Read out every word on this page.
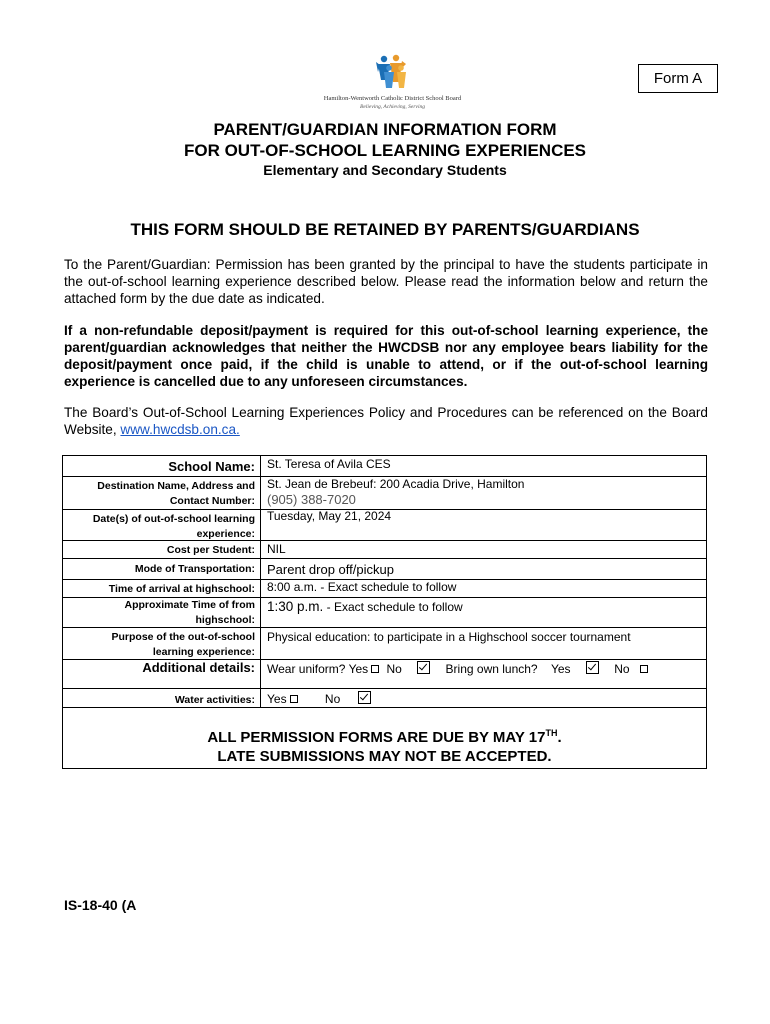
Hamilton-Wentworth Catholic District School Board
Believing, Achieving, Serving
Form A
PARENT/GUARDIAN INFORMATION FORM
FOR OUT-OF-SCHOOL LEARNING EXPERIENCES
Elementary and Secondary Students
THIS FORM SHOULD BE RETAINED BY PARENTS/GUARDIANS
To the Parent/Guardian: Permission has been granted by the principal to have the students participate in the out-of-school learning experience described below. Please read the information below and return the attached form by the due date as indicated.
If a non-refundable deposit/payment is required for this out-of-school learning experience, the parent/guardian acknowledges that neither the HWCDSB nor any employee bears liability for the deposit/payment once paid, if the child is unable to attend, or if the out-of-school learning experience is cancelled due to any unforeseen circumstances.
The Board’s Out-of-School Learning Experiences Policy and Procedures can be referenced on the Board Website, www.hwcdsb.on.ca.
School Name: St. Teresa of Avila CES
Destination Name, Address and
Contact Number:
St. Jean de Brebeuf: 200 Acadia Drive, Hamilton
(905) 388-7020
Date(s) of out-of-school learning
experience:
Tuesday, May 21, 2024
Cost per Student: NIL
Mode of Transportation: Parent drop off/pickup
Time of arrival at highschool: 8:00 a.m. - Exact schedule to follow
Approximate Time of from
highschool:
1:30 p.m. - Exact schedule to follow
Purpose of the out-of-school
learning experience:
Physical education: to participate in a Highschool soccer tournament
Additional details: Wear uniform? Yes No	Bring own lunch? Yes	No
Water activities: Yes	No
ALL PERMISSION FORMS ARE DUE BY MAY 17TH.
LATE SUBMISSIONS MAY NOT BE ACCEPTED.
IS-18-40 (A
